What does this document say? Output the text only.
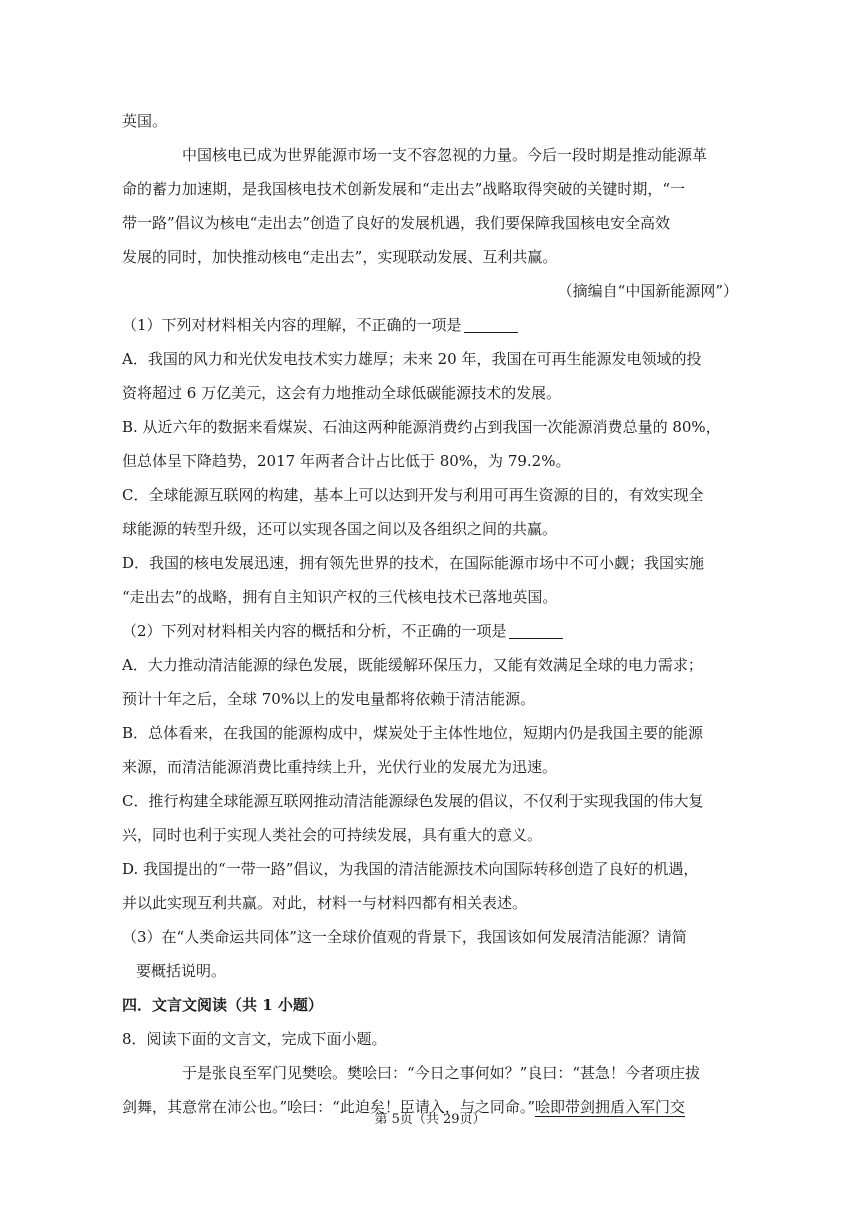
英国。
中国核电已成为世界能源市场一支不容忽视的力量。今后一段时期是推动能源革
命的蓄力加速期，是我国核电技术创新发展和“走出去”战略取得突破的关键时期，“一
带一路”倡议为核电“走出去”创造了良好的发展机遇，我们要保障我国核电安全高效
发展的同时，加快推动核电“走出去”，实现联动发展、互利共赢。
（摘编自“中国新能源网”）
（1）下列对材料相关内容的理解，不正确的一项是
A．我国的风力和光伏发电技术实力雄厚；未来 20 年，我国在可再生能源发电领域的投
资将超过 6 万亿美元，这会有力地推动全球低碳能源技术的发展。
B. 从近六年的数据来看煤炭、石油这两种能源消费约占到我国一次能源消费总量的 80%，
但总体呈下降趋势，2017 年两者合计占比低于 80%，为 79.2%。
C．全球能源互联网的构建，基本上可以达到开发与利用可再生资源的目的，有效实现全
球能源的转型升级，还可以实现各国之间以及各组织之间的共赢。
D．我国的核电发展迅速，拥有领先世界的技术，在国际能源市场中不可小觑；我国实施
“走出去”的战略，拥有自主知识产权的三代核电技术已落地英国。
（2）下列对材料相关内容的概括和分析，不正确的一项是
A．大力推动清洁能源的绿色发展，既能缓解环保压力，又能有效满足全球的电力需求；
预计十年之后，全球 70%以上的发电量都将依赖于清洁能源。
B．总体看来，在我国的能源构成中，煤炭处于主体性地位，短期内仍是我国主要的能源
来源，而清洁能源消费比重持续上升，光伏行业的发展尤为迅速。
C．推行构建全球能源互联网推动清洁能源绿色发展的倡议，不仅利于实现我国的伟大复
兴，同时也利于实现人类社会的可持续发展，具有重大的意义。
D. 我国提出的“一带一路”倡议，为我国的清洁能源技术向国际转移创造了良好的机遇，
并以此实现互利共赢。对此，材料一与材料四都有相关表述。
（3）在“人类命运共同体”这一全球价值观的背景下，我国该如何发展清洁能源？请简
要概括说明。
四．文言文阅读（共 1 小题）
8．阅读下面的文言文，完成下面小题。
于是张良至军门见樊哙。樊哙曰：“今日之事何如？”良曰：“甚急！今者项庄拔
剑舞，其意常在沛公也。”哙曰：“此迫矣！臣请入，与之同命。”哙即带剑拥盾入军门交
第 5页（共 29页）
